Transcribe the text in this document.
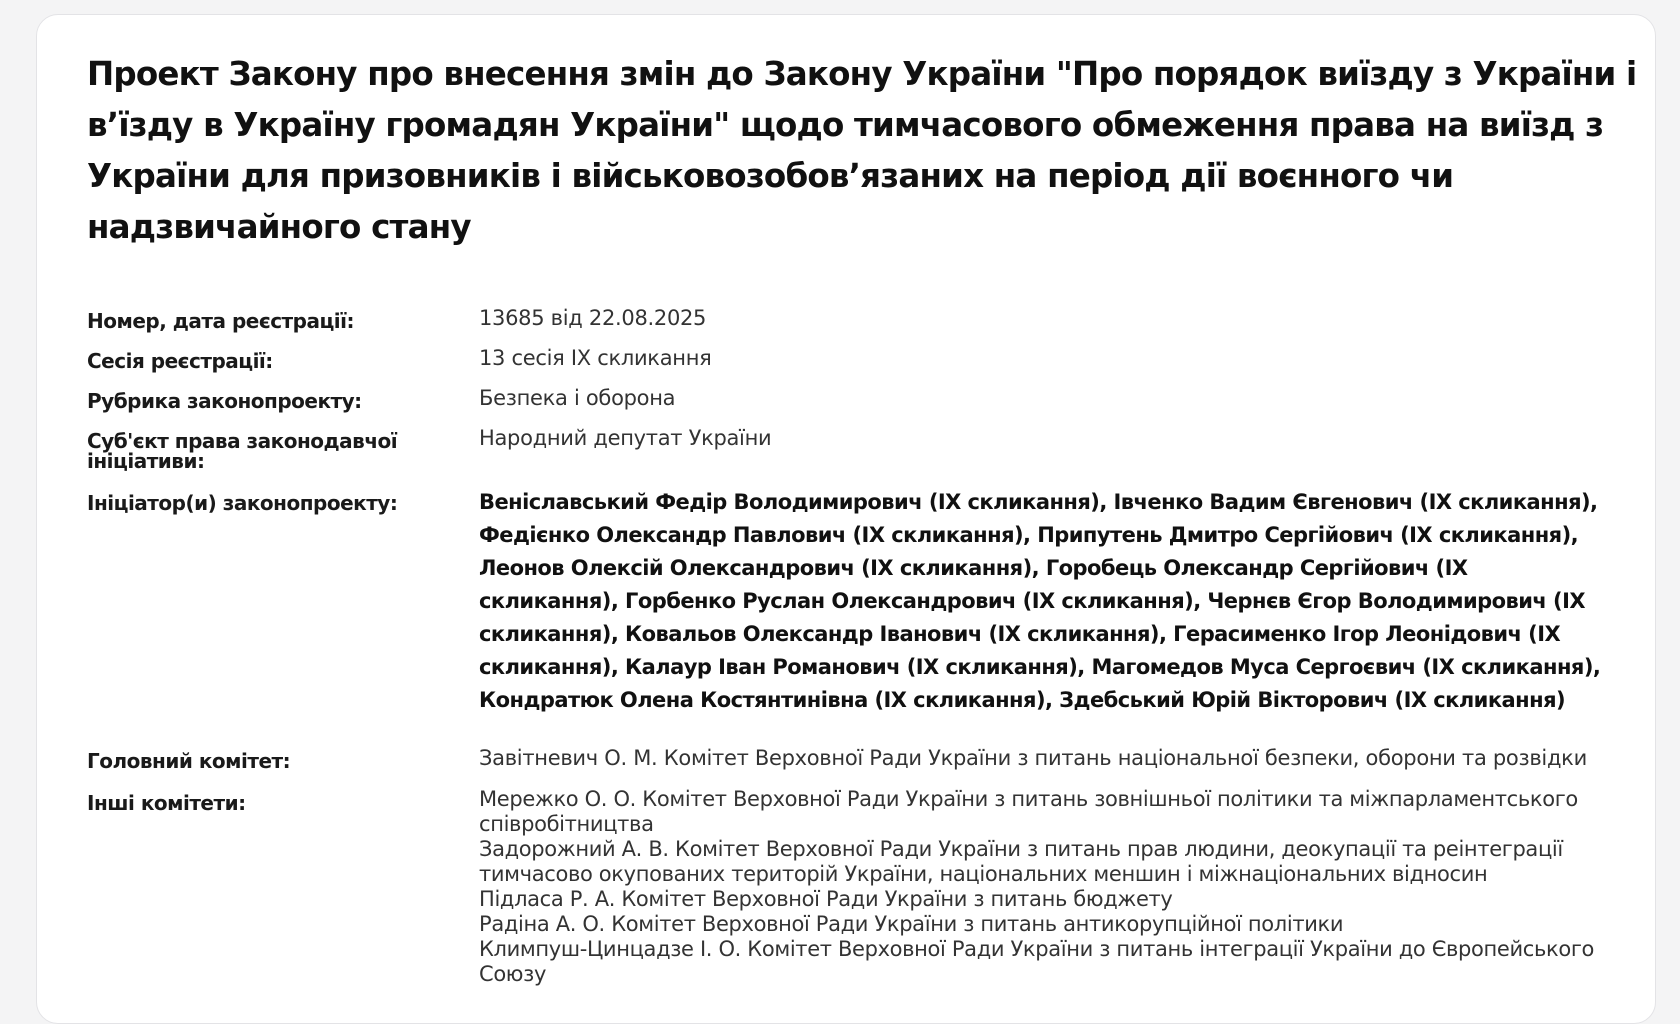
Проект Закону про внесення змін до Закону України "Про порядок виїзду з України і в’їзду в Україну громадян України" щодо тимчасового обмеження права на виїзд з України для призовників і військовозобов’язаних на період дії воєнного чи надзвичайного стану
Номер, дата реєстрації:	13685 від 22.08.2025
Сесія реєстрації:	13 сесія IX скликання
Рубрика законопроекту:	Безпека і оборона
Суб'єкт права законодавчої ініціативи:
Народний депутат України
Ініціатор(и) законопроекту:	Веніславський Федір Володимирович (IX скликання), Івченко Вадим Євгенович (IX скликання), Федієнко Олександр Павлович (IX скликання), Припутень Дмитро Сергійович (IX скликання), Леонов Олексій Олександрович (IX скликання), Горобець Олександр Сергійович (IX скликання), Горбенко Руслан Олександрович (IX скликання), Чернєв Єгор Володимирович (IX скликання), Ковальов Олександр Іванович (IX скликання), Герасименко Ігор Леонідович (IX скликання), Калаур Іван Романович (IX скликання), Магомедов Муса Сергоєвич (IX скликання), Кондратюк Олена Костянтинівна (IX скликання), Здебський Юрій Вікторович (IX скликання)
Головний комітет:	Завітневич О. М. Комітет Верховної Ради України з питань національної безпеки, оборони та розвідки
Інші комітети:	Мережко О. О. Комітет Верховної Ради України з питань зовнішньої політики та міжпарламентського співробітництва
Задорожний А. В. Комітет Верховної Ради України з питань прав людини, деокупації та реінтеграції тимчасово окупованих територій України, національних меншин і міжнаціональних відносин
Підласа Р. А. Комітет Верховної Ради України з питань бюджету
Радіна А. О. Комітет Верховної Ради України з питань антикорупційної політики
Климпуш-Цинцадзе І. О. Комітет Верховної Ради України з питань інтеграції України до Європейського Союзу
